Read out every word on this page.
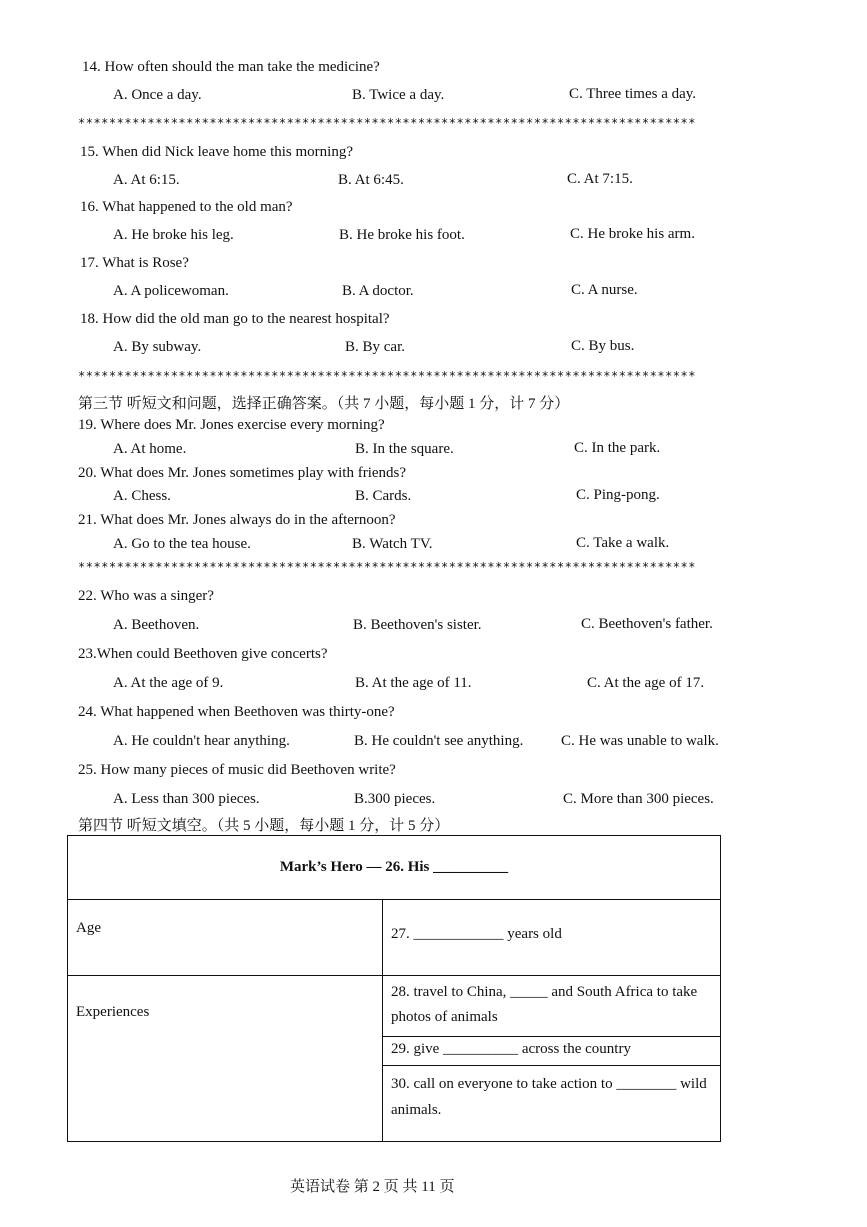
14. How often should the man take the medicine?
A. Once a day.	B. Twice a day.	C. Three times a day.
********************************************************************************
15. When did Nick leave home this morning?
A. At 6:15.	B. At 6:45.	C. At 7:15.
16. What happened to the old man?
A. He broke his leg.	B. He broke his foot.	C. He broke his arm.
17. What is Rose?
A. A policewoman.	B. A doctor.	C. A nurse.
18. How did the old man go to the nearest hospital?
A. By subway.	B. By car.	C. By bus.
********************************************************************************
第三节 听短文和问题，选择正确答案。（共 7 小题，每小题 1 分，计 7 分）
19. Where does Mr. Jones exercise every morning?
A. At home.	B. In the square.	C. In the park.
20. What does Mr. Jones sometimes play with friends?
A. Chess.	B. Cards.	C. Ping-pong.
21. What does Mr. Jones always do in the afternoon?
A. Go to the tea house.	B. Watch TV.	C. Take a walk.
********************************************************************************
22. Who was a singer?
A. Beethoven.	B. Beethoven's sister.	C. Beethoven's father.
23.When could Beethoven give concerts?
A. At the age of 9.	B. At the age of 11.	C. At the age of 17.
24. What happened when Beethoven was thirty-one?
A. He couldn't hear anything.	B. He couldn't see anything.	C. He was unable to walk.
25. How many pieces of music did Beethoven write?
A. Less than 300 pieces.	B.300 pieces.	C. More than 300 pieces.
第四节 听短文填空。（共 5 小题，每小题 1 分，计 5 分）
Mark’s Hero — 26. His __________	
Age	27. ____________ years old
Experiences	28. travel to China, _____ and South Africa to take photos of animals
	29. give __________ across the country
	30. call on everyone to take action to ________ wild animals.
英语试卷 第 2 页 共 11 页
